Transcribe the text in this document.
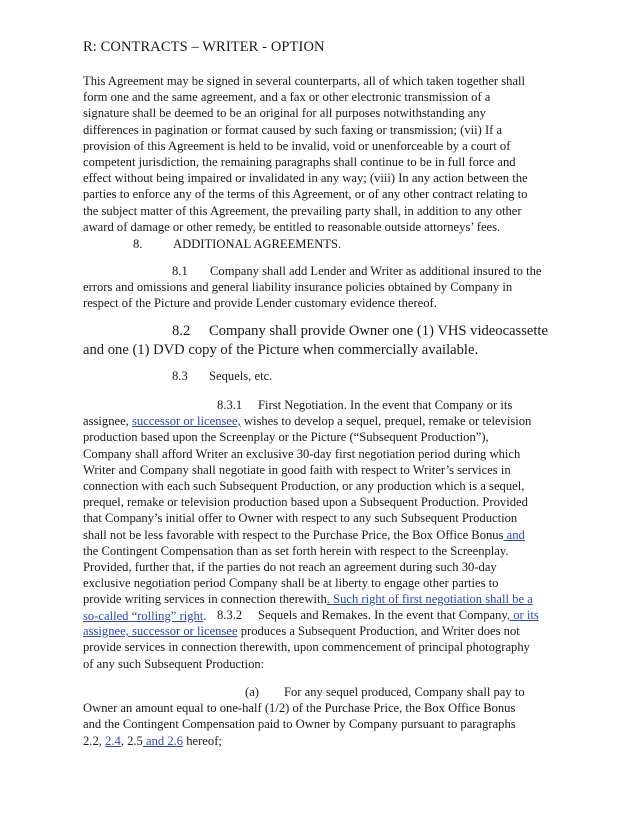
R: CONTRACTS – WRITER - OPTION
This Agreement may be signed in several counterparts, all of which taken together shall
form one and the same agreement, and a fax or other electronic transmission of a
signature shall be deemed to be an original for all purposes notwithstanding any
differences in pagination or format caused by such faxing or transmission; (vii) If a
provision of this Agreement is held to be invalid, void or unenforceable by a court of
competent jurisdiction, the remaining paragraphs shall continue to be in full force and
effect without being impaired or invalidated in any way; (viii) In any action between the
parties to enforce any of the terms of this Agreement, or of any other contract relating to
the subject matter of this Agreement, the prevailing party shall, in addition to any other
award of damage or other remedy, be entitled to reasonable outside attorneys’ fees.
8. ADDITIONAL AGREEMENTS.
8.1 Company shall add Lender and Writer as additional insured to the
errors and omissions and general liability insurance policies obtained by Company in
respect of the Picture and provide Lender customary evidence thereof.
8.2 Company shall provide Owner one (1) VHS videocassette
and one (1) DVD copy of the Picture when commercially available.
8.3 Sequels, etc.
8.3.1 First Negotiation. In the event that Company or its
assignee, successor or licensee, wishes to develop a sequel, prequel, remake or television
production based upon the Screenplay or the Picture (“Subsequent Production”),
Company shall afford Writer an exclusive 30-day first negotiation period during which
Writer and Company shall negotiate in good faith with respect to Writer’s services in
connection with each such Subsequent Production, or any production which is a sequel,
prequel, remake or television production based upon a Subsequent Production. Provided
that Company’s initial offer to Owner with respect to any such Subsequent Production
shall not be less favorable with respect to the Purchase Price, the Box Office Bonus and
the Contingent Compensation than as set forth herein with respect to the Screenplay.
Provided, further that, if the parties do not reach an agreement during such 30-day
exclusive negotiation period Company shall be at liberty to engage other parties to
provide writing services in connection therewith. Such right of first negotiation shall be a
so-called “rolling” right. 8.3.2 Sequels and Remakes. In the event that Company, or its
assignee, successor or licensee produces a Subsequent Production, and Writer does not
provide services in connection therewith, upon commencement of principal photography
of any such Subsequent Production:
(a) For any sequel produced, Company shall pay to
Owner an amount equal to one-half (1/2) of the Purchase Price, the Box Office Bonus
and the Contingent Compensation paid to Owner by Company pursuant to paragraphs
2.2, 2.4, 2.5 and 2.6 hereof;
